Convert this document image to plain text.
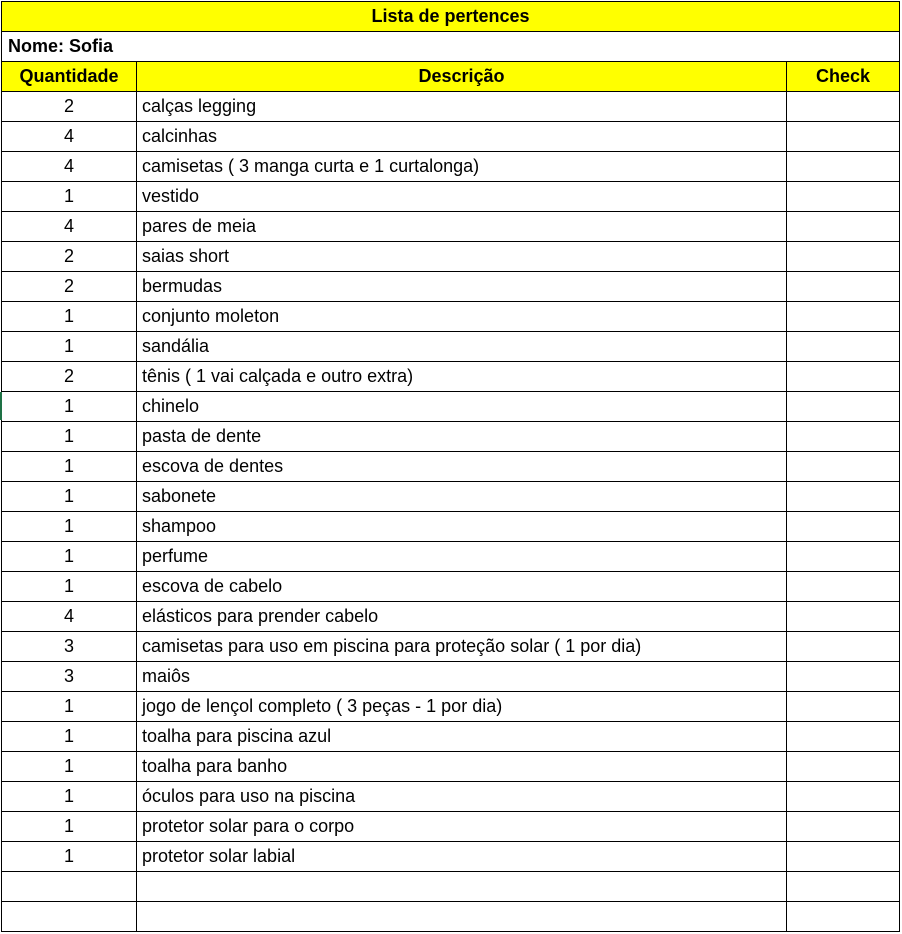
Lista de pertences		
Nome: Sofia		
Quantidade	Descrição	Check
2	calças legging	
4	calcinhas	
4	camisetas ( 3 manga curta e 1 curtalonga)	
1	vestido	
4	pares de meia	
2	saias short	
2	bermudas	
1	conjunto moleton	
1	sandália	
2	tênis ( 1 vai calçada e outro extra)	
1	chinelo	
1	pasta de dente	
1	escova de dentes	
1	sabonete	
1	shampoo	
1	perfume	
1	escova de cabelo	
4	elásticos para prender cabelo	
3	camisetas para uso em piscina para proteção solar ( 1 por dia)	
3	maiôs	
1	jogo de lençol completo ( 3 peças - 1 por dia)	
1	toalha para piscina azul	
1	toalha para banho	
1	óculos para uso na piscina	
1	protetor solar para o corpo	
1	protetor solar labial	
